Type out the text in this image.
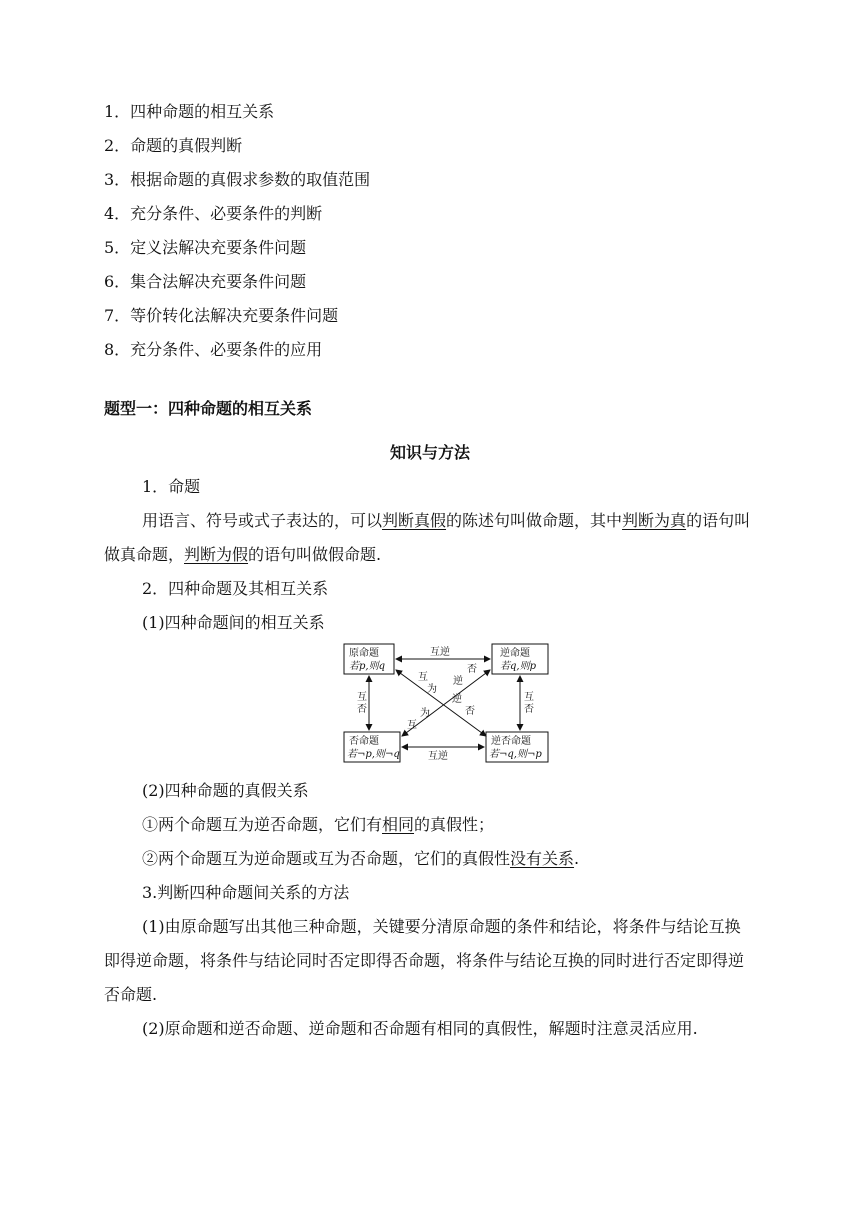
1．四种命题的相互关系
2．命题的真假判断
3．根据命题的真假求参数的取值范围
4．充分条件、必要条件的判断
5．定义法解决充要条件问题
6．集合法解决充要条件问题
7．等价转化法解决充要条件问题
8．充分条件、必要条件的应用
题型一：四种命题的相互关系
知识与方法
1．命题
用语言、符号或式子表达的，可以判断真假的陈述句叫做命题，其中判断为真的语句叫做真命题，判断为假的语句叫做假命题.
2．四种命题及其相互关系
(1)四种命题间的相互关系
原命题
若p,则q
逆命题
若q,则p
否命题
若¬p,则¬q
逆否命题
若¬q,则¬p
互逆
互逆
互
否
互
否
互
为
逆
否
互
为
逆
否
(2)四种命题的真假关系
①两个命题互为逆否命题，它们有相同的真假性；
②两个命题互为逆命题或互为否命题，它们的真假性没有关系.
3.判断四种命题间关系的方法
(1)由原命题写出其他三种命题，关键要分清原命题的条件和结论，将条件与结论互换即得逆命题，将条件与结论同时否定即得否命题，将条件与结论互换的同时进行否定即得逆否命题.
(2)原命题和逆否命题、逆命题和否命题有相同的真假性，解题时注意灵活应用.
